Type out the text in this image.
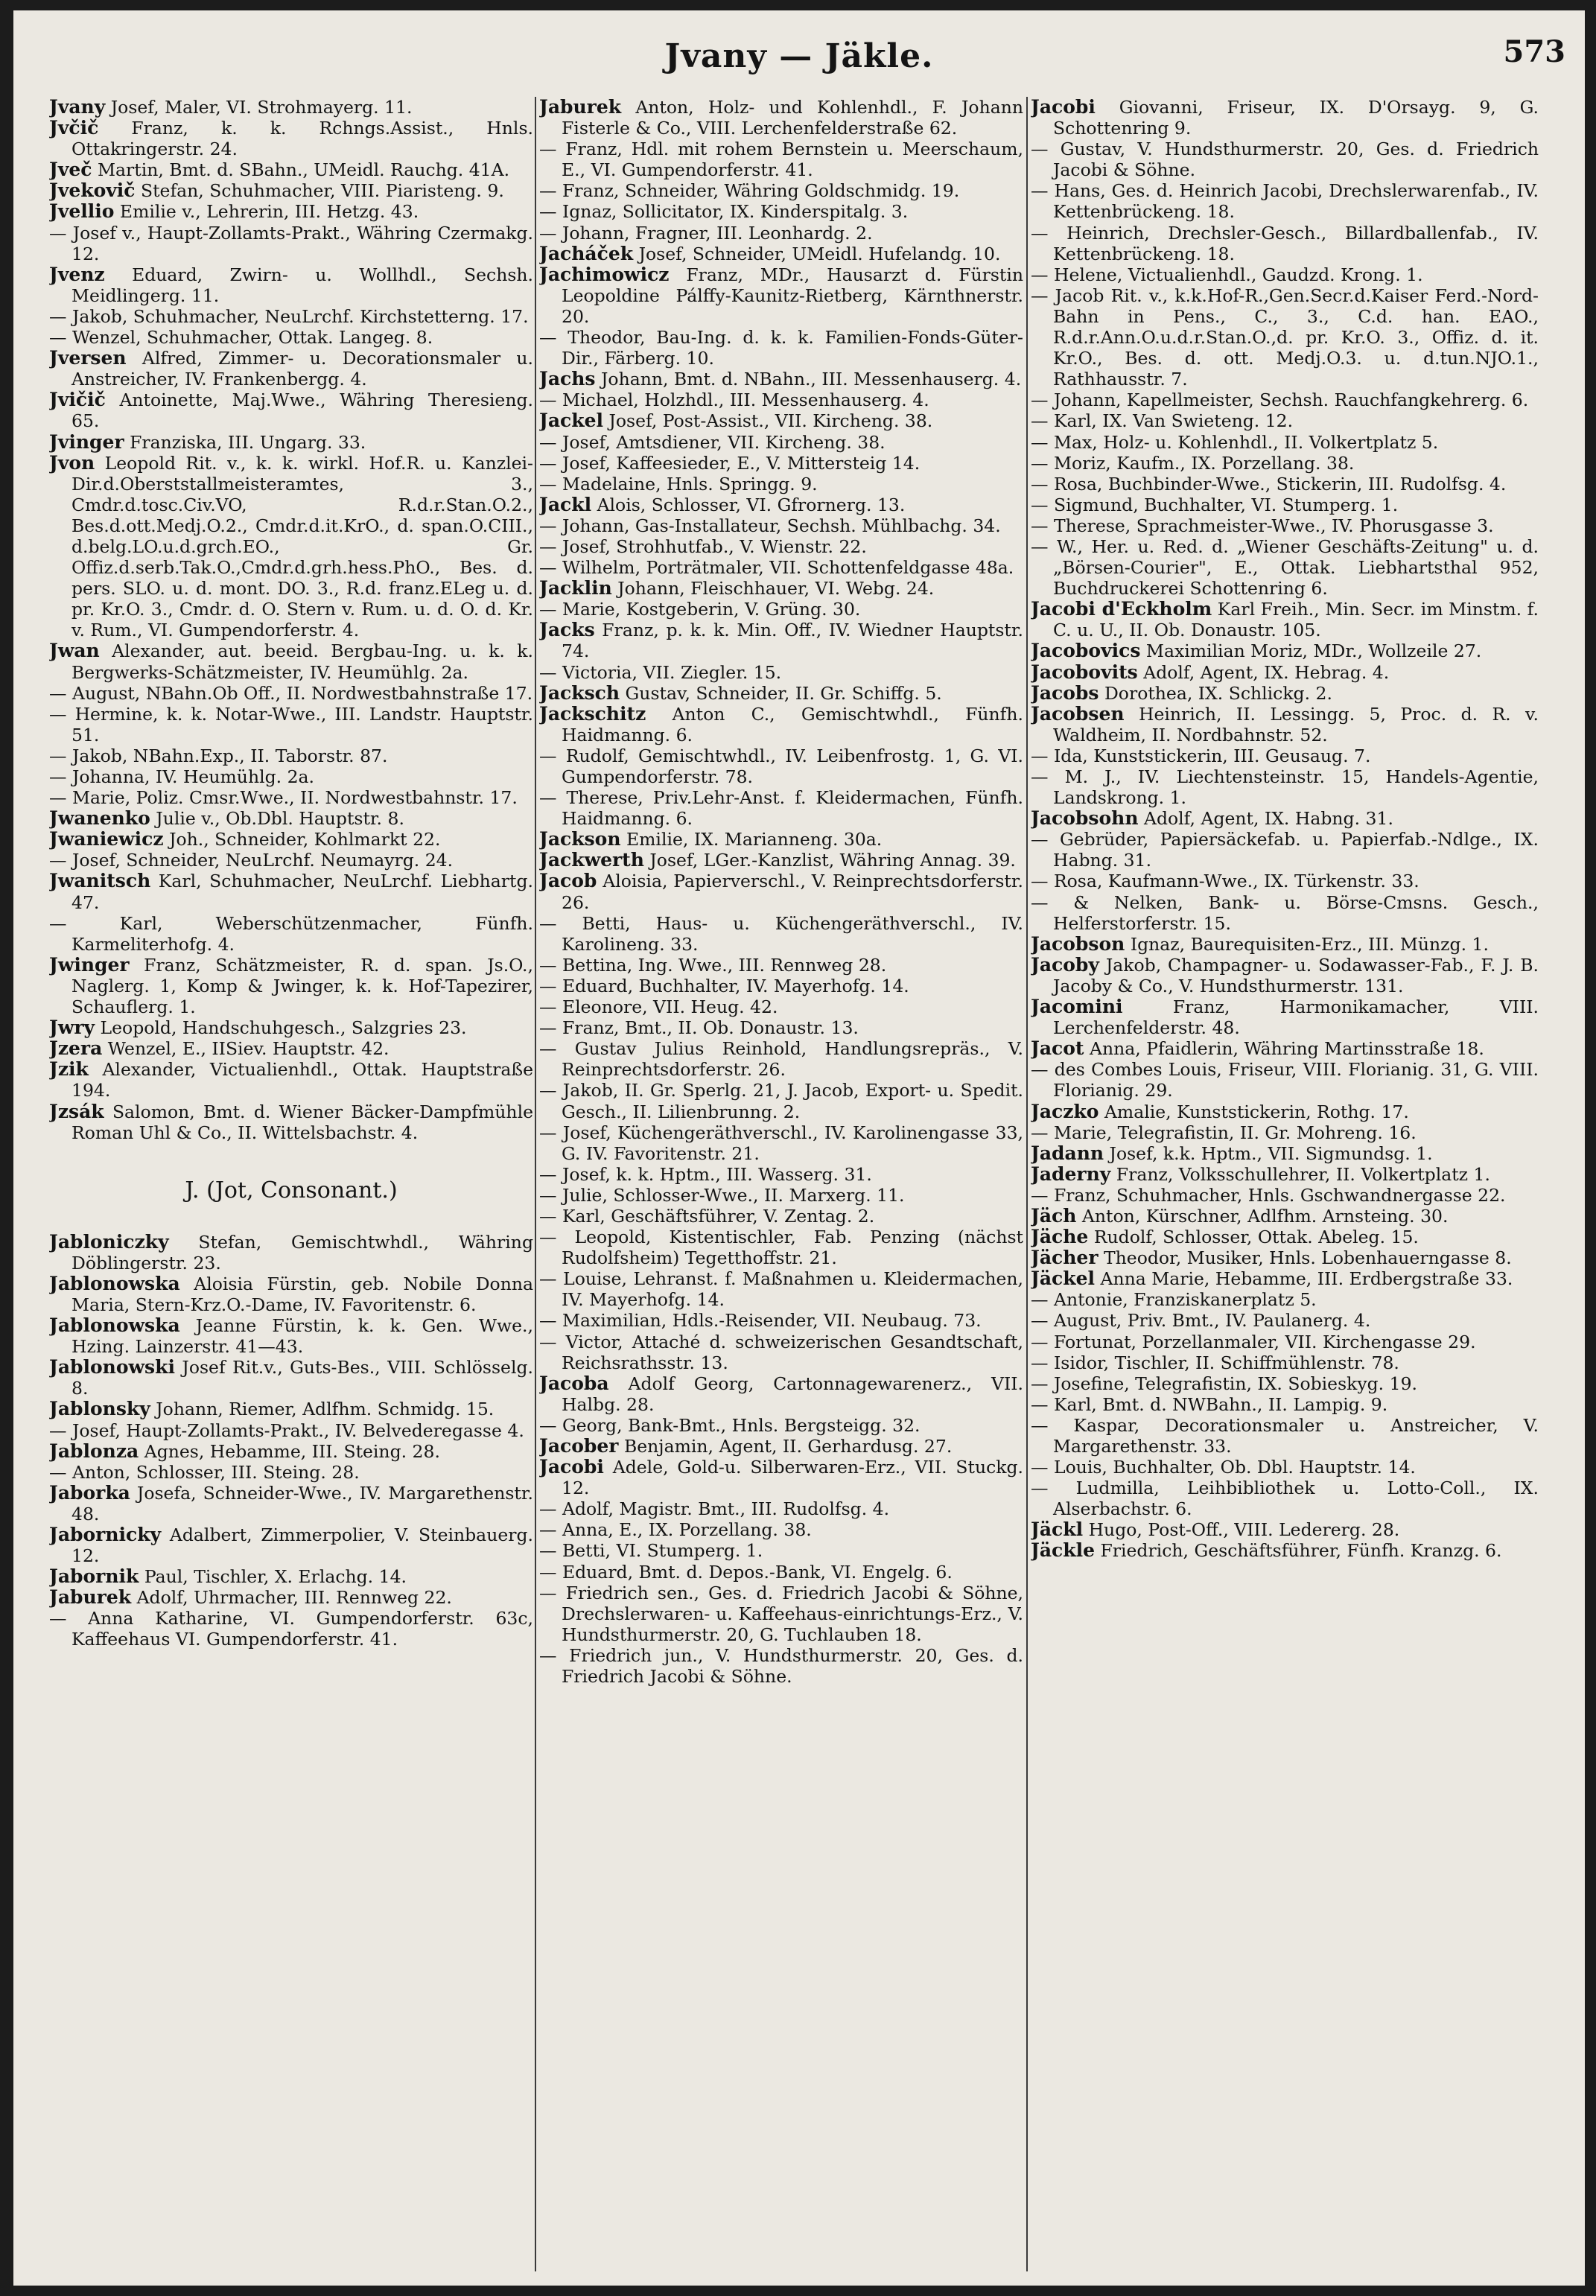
Jvany — Jäkle.	573

Jvany Josef, Maler, VI. Strohmayerg. 11.

Jvčič Franz, k. k. Rchngs.Assist., Hnls. Ottakringerstr. 24.

Jveč Martin, Bmt. d. SBahn., UMeidl. Rauchg. 41A.

Jvekovič Stefan, Schuhmacher, VIII. Piaristeng. 9.

Jvellio Emilie v., Lehrerin, III. Hetzg. 43.

— Josef v., Haupt-Zollamts-Prakt., Währing Czermakg. 12.

Jvenz Eduard, Zwirn- u. Wollhdl., Sechsh. Meidlingerg. 11.

— Jakob, Schuhmacher, NeuLrchf. Kirchstetterng. 17.

— Wenzel, Schuhmacher, Ottak. Langeg. 8.

Jversen Alfred, Zimmer- u. Decorationsmaler u. Anstreicher, IV. Frankenbergg. 4.

Jvičič Antoinette, Maj.Wwe., Währing Theresieng. 65.

Jvinger Franziska, III. Ungarg. 33.

Jvon Leopold Rit. v., k. k. wirkl. Hof.R. u. Kanzlei-Dir.d.Oberststallmeisteramtes, 3., Cmdr.d.tosc.Civ.VO, R.d.r.Stan.O.2., Bes.d.ott.Medj.O.2., Cmdr.d.it.KrO., d. span.O.CIII., d.belg.LO.u.d.grch.EO., Gr. Offiz.d.serb.Tak.O.,Cmdr.d.grh.hess.PhO., Bes. d. pers. SLO. u. d. mont. DO. 3., R.d. franz.ELeg u. d. pr. Kr.O. 3., Cmdr. d. O. Stern v. Rum. u. d. O. d. Kr. v. Rum., VI. Gumpendorferstr. 4.

Jwan Alexander, aut. beeid. Bergbau-Ing. u. k. k. Bergwerks-Schätzmeister, IV. Heumühlg. 2a.

— August, NBahn.Ob Off., II. Nordwestbahnstraße 17.

— Hermine, k. k. Notar-Wwe., III. Landstr. Hauptstr. 51.

— Jakob, NBahn.Exp., II. Taborstr. 87.

— Johanna, IV. Heumühlg. 2a.

— Marie, Poliz. Cmsr.Wwe., II. Nordwestbahnstr. 17.

Jwanenko Julie v., Ob.Dbl. Hauptstr. 8.

Jwaniewicz Joh., Schneider, Kohlmarkt 22.

— Josef, Schneider, NeuLrchf. Neumayrg. 24.

Jwanitsch Karl, Schuhmacher, NeuLrchf. Liebhartg. 47.

— Karl, Weberschützenmacher, Fünfh. Karmeliterhofg. 4.

Jwinger Franz, Schätzmeister, R. d. span. Js.O., Naglerg. 1, Komp & Jwinger, k. k. Hof-Tapezirer, Schauflerg. 1.

Jwry Leopold, Handschuhgesch., Salzgries 23.

Jzera Wenzel, E., IISiev. Hauptstr. 42.

Jzik Alexander, Victualienhdl., Ottak. Hauptstraße 194.

Jzsák Salomon, Bmt. d. Wiener Bäcker-Dampfmühle Roman Uhl & Co., II. Wittelsbachstr. 4.

J. (Jot, Consonant.)

Jabloniczky Stefan, Gemischtwhdl., Währing Döblingerstr. 23.

Jablonowska Aloisia Fürstin, geb. Nobile Donna Maria, Stern-Krz.O.-Dame, IV. Favoritenstr. 6.

Jablonowska Jeanne Fürstin, k. k. Gen. Wwe., Hzing. Lainzerstr. 41—43.

Jablonowski Josef Rit.v., Guts-Bes., VIII. Schlösselg. 8.

Jablonsky Johann, Riemer, Adlfhm. Schmidg. 15.

— Josef, Haupt-Zollamts-Prakt., IV. Belvederegasse 4.

Jablonza Agnes, Hebamme, III. Steing. 28.

— Anton, Schlosser, III. Steing. 28.

Jaborka Josefa, Schneider-Wwe., IV. Margarethenstr. 48.

Jabornicky Adalbert, Zimmerpolier, V. Steinbauerg. 12.

Jabornik Paul, Tischler, X. Erlachg. 14.

Jaburek Adolf, Uhrmacher, III. Rennweg 22.

— Anna Katharine, VI. Gumpendorferstr. 63c, Kaffeehaus VI. Gumpendorferstr. 41.

Jaburek Anton, Holz- und Kohlenhdl., F. Johann Fisterle & Co., VIII. Lerchenfelderstraße 62.

— Franz, Hdl. mit rohem Bernstein u. Meerschaum, E., VI. Gumpendorferstr. 41.

— Franz, Schneider, Währing Goldschmidg. 19.

— Ignaz, Sollicitator, IX. Kinderspitalg. 3.

— Johann, Fragner, III. Leonhardg. 2.

Jacháček Josef, Schneider, UMeidl. Hufelandg. 10.

Jachimowicz Franz, MDr., Hausarzt d. Fürstin Leopoldine Pálffy-Kaunitz-Rietberg, Kärnthnerstr. 20.

— Theodor, Bau-Ing. d. k. k. Familien-Fonds-Güter-Dir., Färberg. 10.

Jachs Johann, Bmt. d. NBahn., III. Messenhauserg. 4.

— Michael, Holzhdl., III. Messenhauserg. 4.

Jackel Josef, Post-Assist., VII. Kircheng. 38.

— Josef, Amtsdiener, VII. Kircheng. 38.

— Josef, Kaffeesieder, E., V. Mittersteig 14.

— Madelaine, Hnls. Springg. 9.

Jackl Alois, Schlosser, VI. Gfrornerg. 13.

— Johann, Gas-Installateur, Sechsh. Mühlbachg. 34.

— Josef, Strohhutfab., V. Wienstr. 22.

— Wilhelm, Porträtmaler, VII. Schottenfeldgasse 48a.

Jacklin Johann, Fleischhauer, VI. Webg. 24.

— Marie, Kostgeberin, V. Grüng. 30.

Jacks Franz, p. k. k. Min. Off., IV. Wiedner Hauptstr. 74.

— Victoria, VII. Ziegler. 15.

Jacksch Gustav, Schneider, II. Gr. Schiffg. 5.

Jackschitz Anton C., Gemischtwhdl., Fünfh. Haidmanng. 6.

— Rudolf, Gemischtwhdl., IV. Leibenfrostg. 1, G. VI. Gumpendorferstr. 78.

— Therese, Priv.Lehr-Anst. f. Kleidermachen, Fünfh. Haidmanng. 6.

Jackson Emilie, IX. Marianneng. 30a.

Jackwerth Josef, LGer.-Kanzlist, Währing Annag. 39.

Jacob Aloisia, Papierverschl., V. Reinprechtsdorferstr. 26.

— Betti, Haus- u. Küchengeräthverschl., IV. Karolineng. 33.

— Bettina, Ing. Wwe., III. Rennweg 28.

— Eduard, Buchhalter, IV. Mayerhofg. 14.

— Eleonore, VII. Heug. 42.

— Franz, Bmt., II. Ob. Donaustr. 13.

— Gustav Julius Reinhold, Handlungsrepräs., V. Reinprechtsdorferstr. 26.

— Jakob, II. Gr. Sperlg. 21, J. Jacob, Export- u. Spedit. Gesch., II. Lilienbrunng. 2.

— Josef, Küchengeräthverschl., IV. Karolinengasse 33, G. IV. Favoritenstr. 21.

— Josef, k. k. Hptm., III. Wasserg. 31.

— Julie, Schlosser-Wwe., II. Marxerg. 11.

— Karl, Geschäftsführer, V. Zentag. 2.

— Leopold, Kistentischler, Fab. Penzing (nächst Rudolfsheim) Tegetthoffstr. 21.

— Louise, Lehranst. f. Maßnahmen u. Kleidermachen, IV. Mayerhofg. 14.

— Maximilian, Hdls.-Reisender, VII. Neubaug. 73.

— Victor, Attaché d. schweizerischen Gesandtschaft, Reichsrathsstr. 13.

Jacoba Adolf Georg, Cartonnagewarenerz., VII. Halbg. 28.

— Georg, Bank-Bmt., Hnls. Bergsteigg. 32.

Jacober Benjamin, Agent, II. Gerhardusg. 27.

Jacobi Adele, Gold-u. Silberwaren-Erz., VII. Stuckg. 12.

— Adolf, Magistr. Bmt., III. Rudolfsg. 4.

— Anna, E., IX. Porzellang. 38.

— Betti, VI. Stumperg. 1.

— Eduard, Bmt. d. Depos.-Bank, VI. Engelg. 6.

— Friedrich sen., Ges. d. Friedrich Jacobi & Söhne, Drechslerwaren- u. Kaffeehaus-einrichtungs-Erz., V. Hundsthurmerstr. 20, G. Tuchlauben 18.

— Friedrich jun., V. Hundsthurmerstr. 20, Ges. d. Friedrich Jacobi & Söhne.

Jacobi Giovanni, Friseur, IX. D'Orsayg. 9, G. Schottenring 9.

— Gustav, V. Hundsthurmerstr. 20, Ges. d. Friedrich Jacobi & Söhne.

— Hans, Ges. d. Heinrich Jacobi, Drechslerwarenfab., IV. Kettenbrückeng. 18.

— Heinrich, Drechsler-Gesch., Billardballenfab., IV. Kettenbrückeng. 18.

— Helene, Victualienhdl., Gaudzd. Krong. 1.

— Jacob Rit. v., k.k.Hof-R.,Gen.Secr.d.Kaiser Ferd.-Nord-Bahn in Pens., C., 3., C.d. han. EAO., R.d.r.Ann.O.u.d.r.Stan.O.,d. pr. Kr.O. 3., Offiz. d. it. Kr.O., Bes. d. ott. Medj.O.3. u. d.tun.NJO.1., Rathhausstr. 7.

— Johann, Kapellmeister, Sechsh. Rauchfangkehrerg. 6.

— Karl, IX. Van Swieteng. 12.

— Max, Holz- u. Kohlenhdl., II. Volkertplatz 5.

— Moriz, Kaufm., IX. Porzellang. 38.

— Rosa, Buchbinder-Wwe., Stickerin, III. Rudolfsg. 4.

— Sigmund, Buchhalter, VI. Stumperg. 1.

— Therese, Sprachmeister-Wwe., IV. Phorusgasse 3.

— W., Her. u. Red. d. „Wiener Geschäfts-Zeitung" u. d. „Börsen-Courier", E., Ottak. Liebhartsthal 952, Buchdruckerei Schottenring 6.

Jacobi d'Eckholm Karl Freih., Min. Secr. im Minstm. f. C. u. U., II. Ob. Donaustr. 105.

Jacobovics Maximilian Moriz, MDr., Wollzeile 27.

Jacobovits Adolf, Agent, IX. Hebrag. 4.

Jacobs Dorothea, IX. Schlickg. 2.

Jacobsen Heinrich, II. Lessingg. 5, Proc. d. R. v. Waldheim, II. Nordbahnstr. 52.

— Ida, Kunststickerin, III. Geusaug. 7.

— M. J., IV. Liechtensteinstr. 15, Handels-Agentie, Landskrong. 1.

Jacobsohn Adolf, Agent, IX. Habng. 31.

— Gebrüder, Papiersäckefab. u. Papierfab.-Ndlge., IX. Habng. 31.

— Rosa, Kaufmann-Wwe., IX. Türkenstr. 33.

— & Nelken, Bank- u. Börse-Cmsns. Gesch., Helferstorferstr. 15.

Jacobson Ignaz, Baurequisiten-Erz., III. Münzg. 1.

Jacoby Jakob, Champagner- u. Sodawasser-Fab., F. J. B. Jacoby & Co., V. Hundsthurmerstr. 131.

Jacomini	Franz, Harmonikamacher, VIII. Lerchenfelderstr. 48.

Jacot Anna, Pfaidlerin, Währing Martinsstraße 18.

— des Combes Louis, Friseur, VIII. Florianig. 31, G. VIII. Florianig. 29.

Jaczko Amalie, Kunststickerin, Rothg. 17.

— Marie, Telegrafistin, II. Gr. Mohreng. 16.

Jadann Josef, k.k. Hptm., VII. Sigmundsg. 1.

Jaderny Franz, Volksschullehrer, II. Volkertplatz 1.

— Franz, Schuhmacher, Hnls. Gschwandnergasse 22.

Jäch Anton, Kürschner, Adlfhm. Arnsteing. 30.

Jäche Rudolf, Schlosser, Ottak. Abeleg. 15.

Jächer Theodor, Musiker, Hnls. Lobenhauerngasse 8.

Jäckel Anna Marie, Hebamme, III. Erdbergstraße 33.

— Antonie, Franziskanerplatz 5.

— August, Priv. Bmt., IV. Paulanerg. 4.

— Fortunat, Porzellanmaler, VII. Kirchengasse 29.

— Isidor, Tischler, II. Schiffmühlenstr. 78.

— Josefine, Telegrafistin, IX. Sobieskyg. 19.

— Karl, Bmt. d. NWBahn., II. Lampig. 9.

— Kaspar, Decorationsmaler u. Anstreicher, V. Margarethenstr. 33.

— Louis, Buchhalter, Ob. Dbl. Hauptstr. 14.

— Ludmilla, Leihbibliothek u. Lotto-Coll., IX. Alserbachstr. 6.

Jäckl Hugo, Post-Off., VIII. Ledererg. 28.

Jäckle Friedrich, Geschäftsführer, Fünfh. Kranzg. 6.
